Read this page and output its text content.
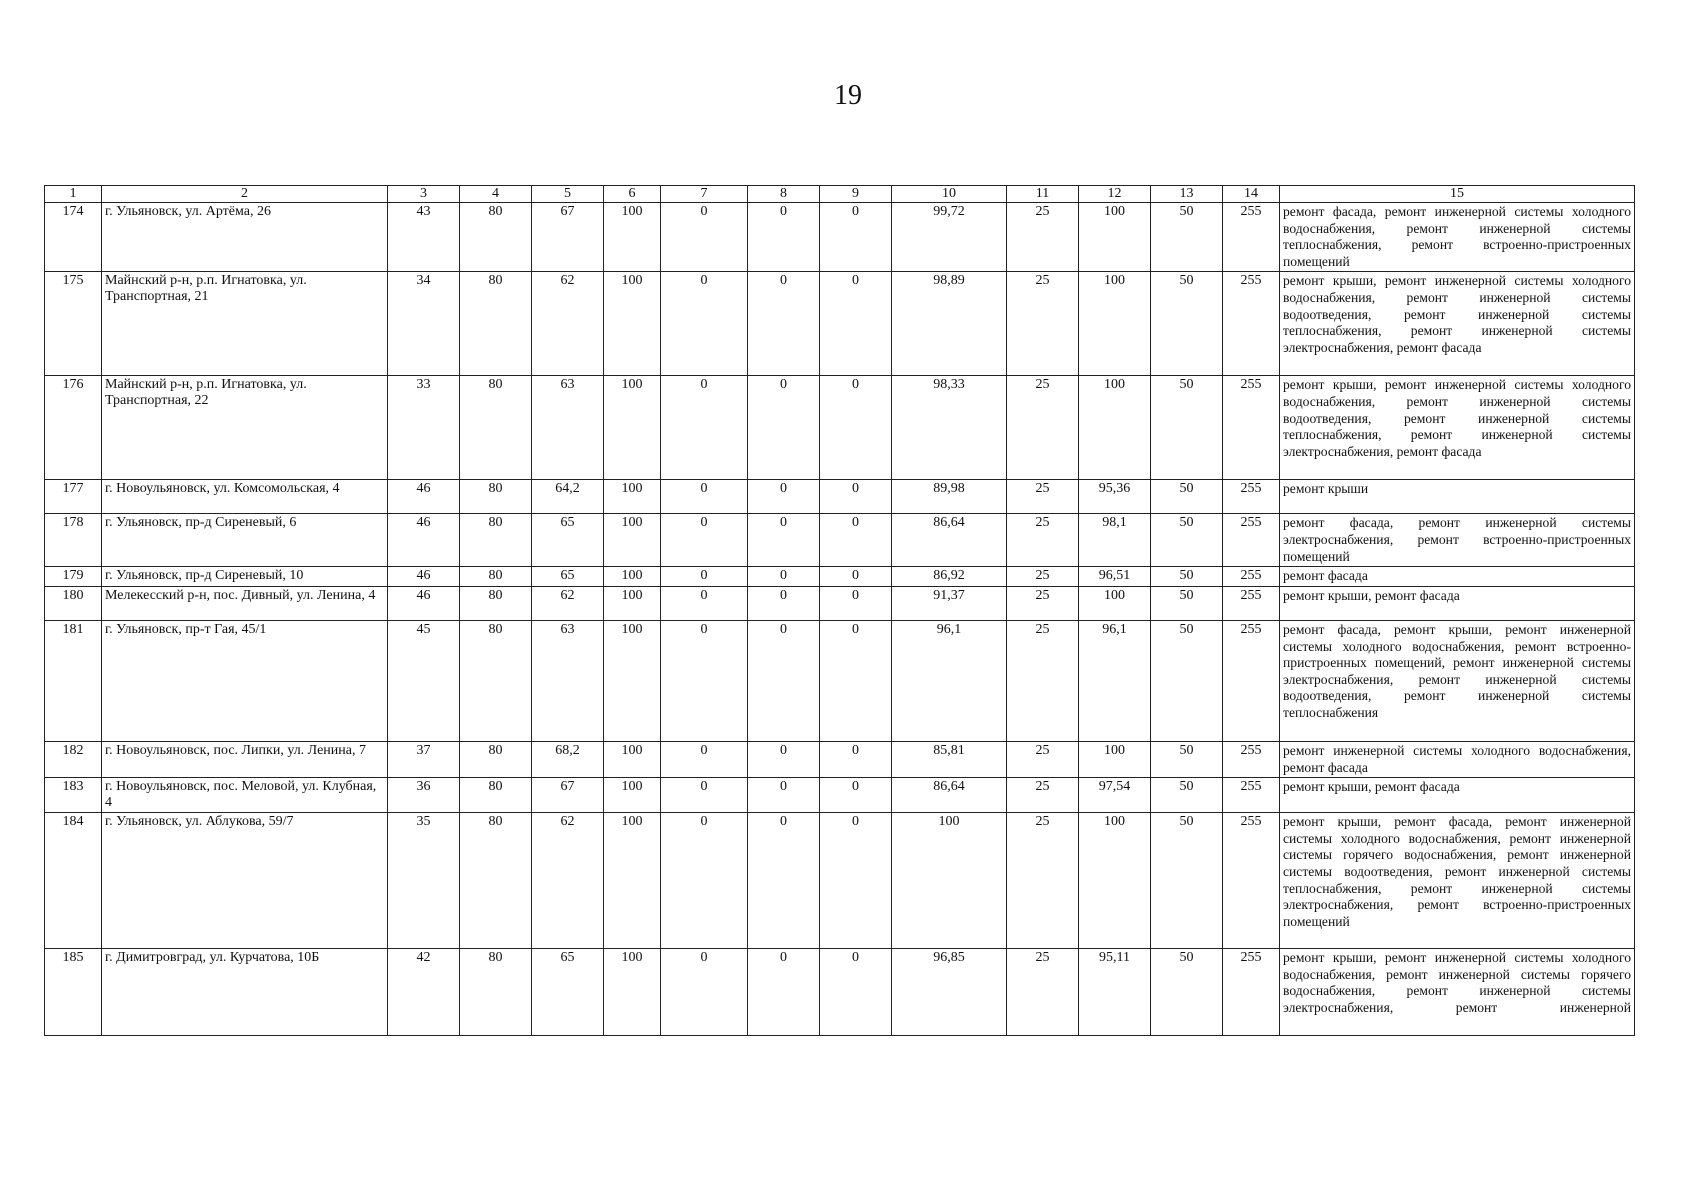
19
1	2	3	4	5	6	7	8	9	10	11	12	13	14	15
174	г. Ульяновск, ул. Артёма, 26	43	80	67	100	0	0	0	99,72	25	100	50	255	ремонт фасада, ремонт инженерной системы холодного водоснабжения, ремонт инженерной системы теплоснабжения, ремонт встроенно-пристроенных помещений
175	Майнский р-н, р.п. Игнатовка, ул. Транспортная, 21	34	80	62	100	0	0	0	98,89	25	100	50	255	ремонт крыши, ремонт инженерной системы холодного водоснабжения, ремонт инженерной системы водоотведения, ремонт инженерной системы теплоснабжения, ремонт инженерной системы электроснабжения, ремонт фасада
176	Майнский р-н, р.п. Игнатовка, ул. Транспортная, 22	33	80	63	100	0	0	0	98,33	25	100	50	255	ремонт крыши, ремонт инженерной системы холодного водоснабжения, ремонт инженерной системы водоотведения, ремонт инженерной системы теплоснабжения, ремонт инженерной системы электроснабжения, ремонт фасада
177	г. Новоульяновск, ул. Комсомольская, 4	46	80	64,2	100	0	0	0	89,98	25	95,36	50	255	ремонт крыши
178	г. Ульяновск, пр-д Сиреневый, 6	46	80	65	100	0	0	0	86,64	25	98,1	50	255	ремонт фасада, ремонт инженерной системы электроснабжения, ремонт встроенно-пристроенных помещений
179	г. Ульяновск, пр-д Сиреневый, 10	46	80	65	100	0	0	0	86,92	25	96,51	50	255	ремонт фасада
180	Мелекесский р-н, пос. Дивный, ул. Ленина, 4	46	80	62	100	0	0	0	91,37	25	100	50	255	ремонт крыши, ремонт фасада
181	г. Ульяновск, пр-т Гая, 45/1	45	80	63	100	0	0	0	96,1	25	96,1	50	255	ремонт фасада, ремонт крыши, ремонт инженерной системы холодного водоснабжения, ремонт встроенно-пристроенных помещений, ремонт инженерной системы электроснабжения, ремонт инженерной системы водоотведения, ремонт инженерной системы теплоснабжения
182	г. Новоульяновск, пос. Липки, ул. Ленина, 7	37	80	68,2	100	0	0	0	85,81	25	100	50	255	ремонт инженерной системы холодного водоснабжения, ремонт фасада
183	г. Новоульяновск, пос. Меловой, ул. Клубная, 4	36	80	67	100	0	0	0	86,64	25	97,54	50	255	ремонт крыши, ремонт фасада
184	г. Ульяновск, ул. Аблукова, 59/7	35	80	62	100	0	0	0	100	25	100	50	255	ремонт крыши, ремонт фасада, ремонт инженерной системы холодного водоснабжения, ремонт инженерной системы горячего водоснабжения, ремонт инженерной системы водоотведения, ремонт инженерной системы теплоснабжения, ремонт инженерной системы электроснабжения, ремонт встроенно-пристроенных помещений
185	г. Димитровград, ул. Курчатова, 10Б	42	80	65	100	0	0	0	96,85	25	95,11	50	255	ремонт крыши, ремонт инженерной системы холодного водоснабжения, ремонт инженерной системы горячего водоснабжения, ремонт инженерной системы электроснабжения, ремонт инженерной
